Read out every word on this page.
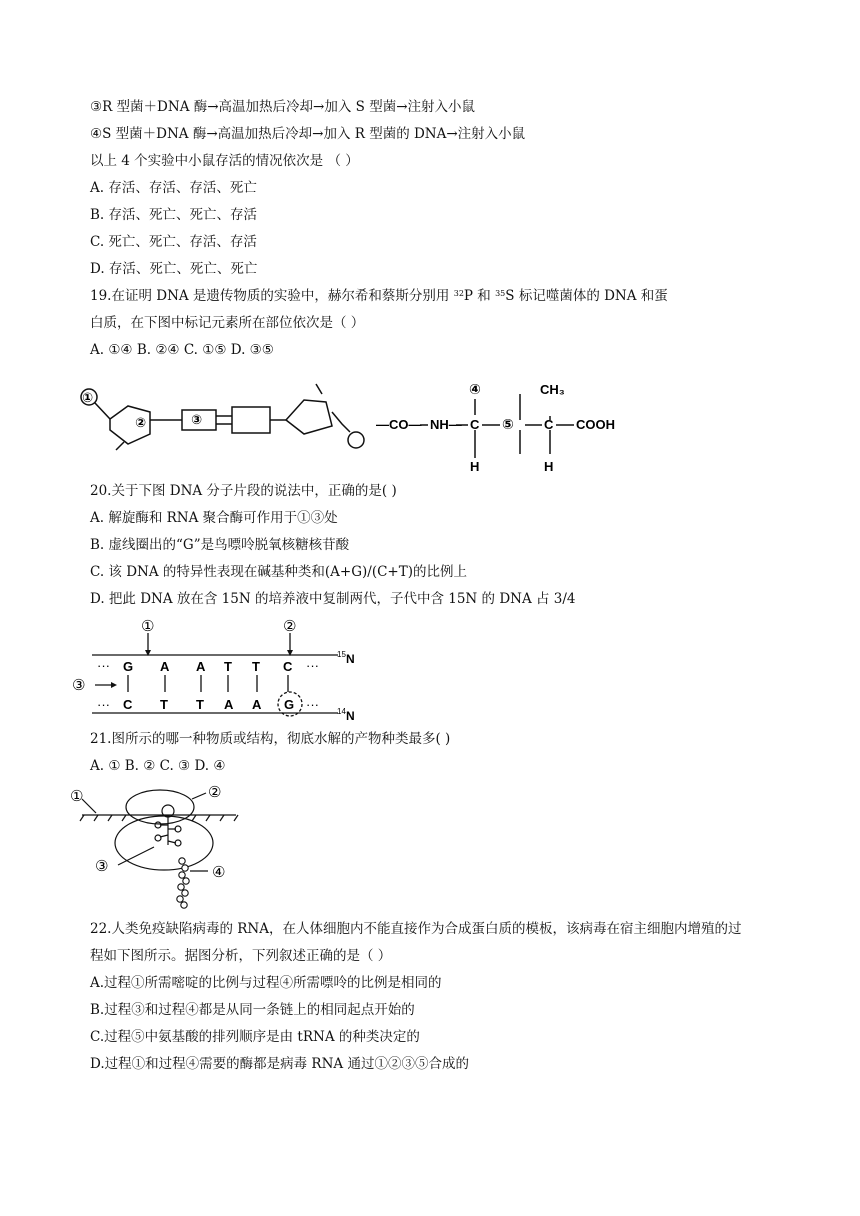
③R 型菌＋DNA 酶→高温加热后冷却→加入 S 型菌→注射入小鼠
④S 型菌＋DNA 酶→高温加热后冷却→加入 R 型菌的 DNA→注射入小鼠
以上 4 个实验中小鼠存活的情况依次是 （ ）
A. 存活、存活、存活、死亡
B. 存活、死亡、死亡、存活
C. 死亡、死亡、存活、存活
D. 存活、死亡、死亡、死亡
19.在证明 DNA 是遗传物质的实验中，赫尔希和蔡斯分别用 $^{32}$P 和 $^{35}$S 标记噬菌体的 DNA 和蛋
白质，在下图中标记元素所在部位依次是（ ）
A. ①④ B. ②④ C. ①⑤ D. ③⑤
①
②	③	—CO— NH—
④
C
H
⑤
CH₃
C
H
COOH
20.关于下图 DNA 分子片段的说法中，正确的是( )
A. 解旋酶和 RNA 聚合酶可作用于①③处
B. 虚线圈出的“G”是鸟嘌呤脱氧核糖核苷酸
C. 该 DNA 的特异性表现在碱基种类和(A+G)/(C+T)的比例上
D. 把此 DNA 放在含 15N 的培养液中复制两代，子代中含 15N 的 DNA 占 3/4
①	②
③
···	···
···	···
G A A T T C
C T T A A G
15 N
14 N
21.图所示的哪一种物质或结构，彻底水解的产物种类最多( )
A. ① B. ② C. ③ D. ④
①	②
③	④
22.人类免疫缺陷病毒的 RNA，在人体细胞内不能直接作为合成蛋白质的模板，该病毒在宿主细胞内增殖的过
程如下图所示。据图分析，下列叙述正确的是（ ）
A.过程①所需嘧啶的比例与过程④所需嘌呤的比例是相同的
B.过程③和过程④都是从同一条链上的相同起点开始的
C.过程⑤中氨基酸的排列顺序是由 tRNA 的种类决定的
D.过程①和过程④需要的酶都是病毒 RNA 通过①②③⑤合成的
